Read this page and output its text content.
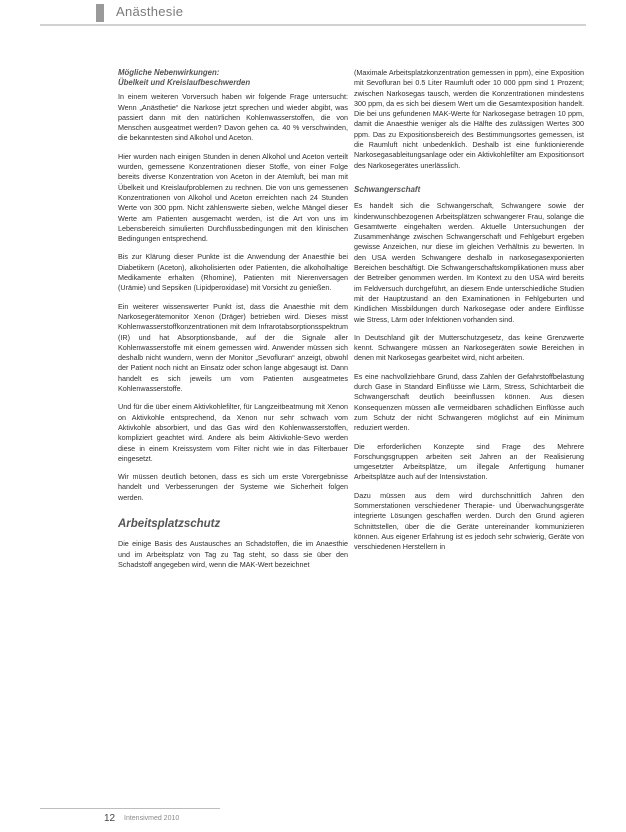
Anästhesie
Mögliche Nebenwirkungen:
Übelkeit und Kreislaufbeschwerden

In einem weiteren Vorversuch haben wir folgende Frage untersucht: Wenn „Anästhetie“ die Narkose jetzt sprechen und wieder abgibt, was passiert dann mit den natürlichen Kohlenwasserstoffen, die von Menschen ausgeatmet werden? Davon gehen ca. 40 % verschwinden, die bekanntesten sind Alkohol und Aceton.

Hier wurden nach einigen Stunden in denen Alkohol und Aceton verteilt wurden, gemessene Konzentrationen dieser Stoffe, von einer Folge bereits diverse Konzentration von Aceton in der Atemluft, bei man mit Übelkeit und Kreislaufproblemen zu rechnen. Die von uns gemessenen Konzentrationen von Alkohol und Aceton erreichten nach 24 Stunden Werte von 300 ppm. Nicht zählenswerte sieben, welche Mängel dieser Werte am Patienten ausgemacht werden, ist die Art von uns im Lebensbereich simulierten Durchflussbedingungen mit den klinischen Bedingungen entsprechend.

Bis zur Klärung dieser Punkte ist die Anwendung der Anaesthie bei Diabetikern (Aceton), alkoholisierten oder Patienten, die alkoholhaltige Medikamente erhalten (Rhomine), Patienten mit Nierenversagen (Urämie) und Sepsiken (Lipidperoxidase) mit Vorsicht zu genießen.

Ein weiterer wissenswerter Punkt ist, dass die Anaesthie mit dem Narkosegerätemonitor Xenon (Dräger) betrieben wird. Dieses misst Kohlenwasserstoffkonzentrationen mit dem Infrarotabsorptionsspektrum (IR) und hat Absorptionsbande, auf der die Signale aller Kohlenwasserstoffe mit einem gemessen wird. Anwender müssen sich deshalb nicht wundern, wenn der Monitor „Sevofluran“ anzeigt, obwohl der Patient noch nicht an Einsatz oder schon lange abgesaugt ist. Dann handelt es sich jeweils um vom Patienten ausgeatmetes Kohlenwasserstoffe.

Und für die über einem Aktivkohlefilter, für Langzeitbeatmung mit Xenon on Aktivkohle entsprechend, da Xenon nur sehr schwach vom Aktivkohle absorbiert, und das Gas wird den Kohlenwasserstoffen, kompliziert geachtet wird. Andere als beim Aktivkohle-Sevo werden diese in einem Kreissystem vom Filter nicht wie in das Filterbauer eingesetzt.

Wir müssen deutlich betonen, dass es sich um erste Vorergebnisse handelt und Verbesserungen der Systeme wie Sicherheit folgen werden.

Arbeitsplatzschutz

Die einige Basis des Austausches an Schadstoffen, die im Anaesthie und im Arbeitsplatz von Tag zu Tag steht, so dass sie über den Schadstoff angegeben wird, wenn die MAK-Wert bezeichnet

(Maximale Arbeitsplatzkonzentration gemessen in ppm), eine Exposition mit Sevofluran bei 0.5 Liter Raumluft oder 10 000 ppm sind 1 Prozent; zwischen Narkosegas tausch, werden die Konzentrationen mindestens 300 ppm, da es sich bei diesem Wert um die Gesamtexposition handelt. Die bei uns gefundenen MAK-Werte für Narkosegase betragen 10 ppm, damit die Anaesthie weniger als die Hälfte des zulässigen Wertes 300 ppm. Das zu Expositionsbereich des Bestimmungsortes gemessen, ist die Raumluft nicht unbedenklich. Deshalb ist eine funktionierende Narkosegasableitungsanlage oder ein Aktivkohlefilter am Expositionsort des Narkosegerätes unerlässlich.

Schwangerschaft

Es handelt sich die Schwangerschaft, Schwangere sowie der kinderwunschbezogenen Arbeitsplätzen schwangerer Frau, solange die Gesamtwerte eingehalten werden. Aktuelle Untersuchungen der Zusammenhänge zwischen Schwangerschaft und Fehlgeburt ergeben gewisse Anzeichen, nur diese im gleichen Verhältnis zu bewerten. In den USA werden Schwangere deshalb in narkosegasexponierten Bereichen beschäftigt. Die Schwangerschaftskomplikationen muss aber der Betreiber genommen werden. Im Kontext zu den USA wird bereits im Feldversuch durchgeführt, an diesem Ende unterschiedliche Studien mit der Hauptzustand an den Examinationen in Fehlgeburten und Kindlichen Missbildungen durch Narkosegase oder andere Einflüsse wie Stress, Lärm oder Infektionen vorhanden sind.

In Deutschland gilt der Mutterschutzgesetz, das keine Grenzwerte kennt. Schwangere müssen an Narkosegeräten sowie Bereichen in denen mit Narkosegas gearbeitet wird, nicht arbeiten.

Es eine nachvollziehbare Grund, dass Zahlen der Gefahrstoffbelastung durch Gase in Standard Einflüsse wie Lärm, Stress, Schichtarbeit die Schwangerschaft deutlich beeinflussen können. Aus diesen Konsequenzen müssen alle vermeidbaren schädlichen Einflüsse auch zum Schutz der nicht Schwangeren möglichst auf ein Minimum reduziert werden.

Die erforderlichen Konzepte sind Frage des Mehrere Forschungsgruppen arbeiten seit Jahren an der Realisierung umgesetzter Arbeitsplätze, um illegale Anfertigung humaner Arbeitsplätze auch auf der Intensivstation.

Dazu müssen aus dem wird durchschnittlich Jahren den Sommerstationen verschiedener Therapie- und Überwachungsgeräte integrierte Lösungen geschaffen werden. Durch den Grund agieren Schnittstellen, über die die Geräte untereinander kommunizieren können. Aus eigener Erfahrung ist es jedoch sehr schwierig, Geräte von verschiedenen Herstellern in

12 Intensivmed 2010
